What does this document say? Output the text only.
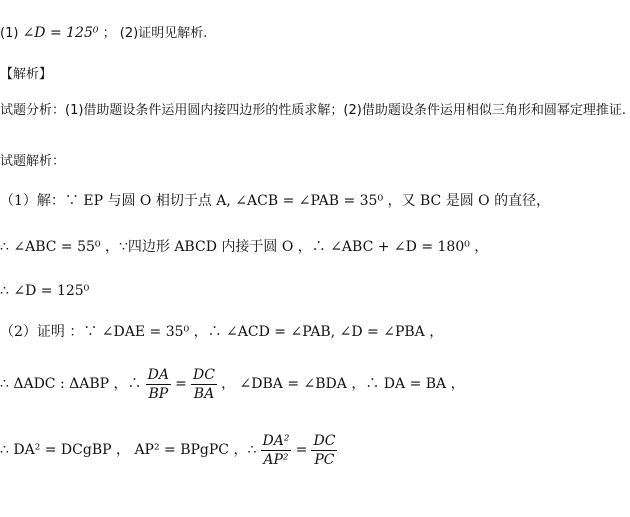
(1) ∠D = 125⁰ ； (2)证明见解析.
【解析】
试题分析：(1)借助题设条件运用圆内接四边形的性质求解；(2)借助题设条件运用相似三角形和圆幂定理推证.
试题解析：
（1）解：∵ EP 与圆 O 相切于点 A, ∠ACB = ∠PAB = 35⁰ ，又 BC 是圆 O 的直径，
∴ ∠ABC = 55⁰ ，∵四边形 ABCD 内接于圆 O ，∴ ∠ABC + ∠D = 180⁰ ，
∴ ∠D = 125⁰
（2）证明 ：∵ ∠DAE = 35⁰ ，∴ ∠ACD = ∠PAB, ∠D = ∠PBA ，
∴ ΔADC : ΔABP ，∴ $\frac{DA}{BP} = \frac{DC}{BA}$ ， ∠DBA = ∠BDA ，∴ DA = BA ，
∴ DA² = DCgBP ， AP² = BPgPC ，∴ $\frac{\text{DA²}}{\text{AP²}} = \frac{DC}{PC}$
